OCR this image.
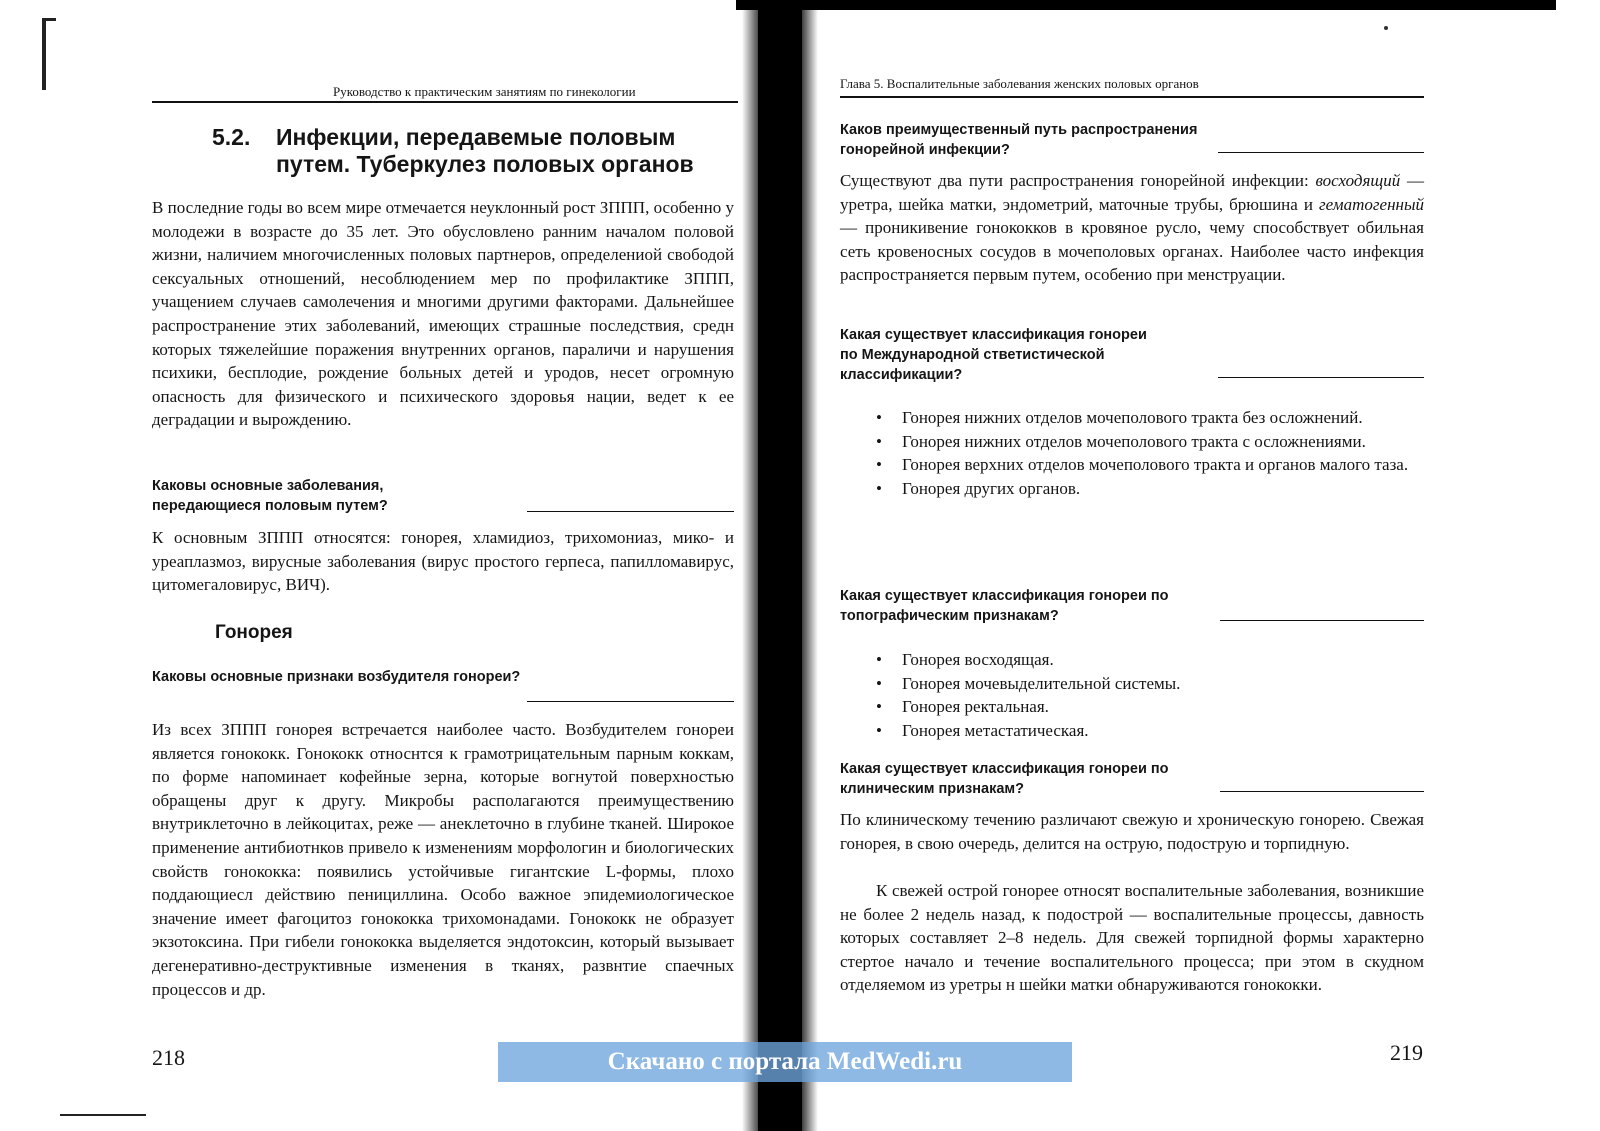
Руководство к практическим занятиям по гинекологии
5.2. Инфекции, передавемые половым путем. Туберкулез половых органов

В последние годы во всем мире отмечается неуклонный рост ЗППП, особенно у молодежи в возрасте до 35 лет. Это обусловлено ранним началом половой жизни, наличием многочисленных половых партнеров, определениой свободой сексуальных отношений, несоблюдением мер по профилактике ЗППП, учащением случаев самолечения и многими другими факторами. Дальнейшее распространение этих заболеваний, имеющих страшные последствия, средн которых тяжелейшие поражения внутренних органов, параличи и нарушения психики, бесплодие, рождение больных детей и уродов, несет огромную опасность для физического и психического здоровья нации, ведет к ее деградации и вырождению.

Каковы основные заболевания, передающиеся половым путем?

К основным ЗППП относятся: гонорея, хламидиоз, трихомониаз, мико- и уреаплазмоз, вирусные заболевания (вирус простого герпеса, папилломавирус, цитомегаловирус, ВИЧ).

Гонорея
Каковы основные признаки возбудителя гонореи?

Из всех ЗППП гонорея встречается наиболее часто. Возбудителем гонореи является гонококк. Гонококк относнтся к грамотрицательным парным коккам, по форме напоминает кофейные зерна, которые вогнутой поверхностью обращены друг к другу. Микробы располагаются преимуществению внутриклеточно в лейкоцитах, реже — анеклеточно в глубине тканей. Широкое применение антибиотнков привело к изменениям морфологин и биологических свойств гонококка: появились устойчивые гигантские L-формы, плохо поддающиесл действию пенициллина. Особо важное эпидемиологическое значение имеет фагоцитоз гонококка трихомонадами. Гонококк не образует экзотоксина. При гибели гонококка выделяется эндотоксин, который вызывает дегенеративно-деструктивные изменения в тканях, развнтие спаечных процессов и др.

218
Глава 5. Воспалительные заболевания женских половых органов
Каков преимущественный путь распространения гонорейной инфекции?

Существуют два пути распространения гонорейной инфекции: восходящий — уретра, шейка матки, эндометрий, маточные трубы, брюшина и гематогенный — проникивение гонококков в кровяное русло, чему способствует обильная сеть кровеносных сосудов в мочеполовых органах. Наиболее часто инфекция распространяется первым путем, особенио при менструации.

Какая существует классификация гонореи по Международной стветистической классификации?
• Гонорея нижних отделов мочеполового тракта без осложнений.
• Гонорея нижних отделов мочеполового тракта с осложнениями.
• Гонорея верхних отделов мочеполового тракта и органов малого таза.
• Гонорея других органов.
Какая существует классификация гонореи по топографическим признакам?
• Гонорея восходящая.
• Гонорея мочевыделительной системы.
• Гонорея ректальная.
• Гонорея метастатическая.
Какая существует классификация гонореи по клиническим признакам?

По клиническому течению различают свежую и хроническую гонорею. Свежая гонорея, в свою очередь, делится на острую, подострую и торпидную.

К свежей острой гонорее относят воспалительные заболевания, возникшие не более 2 недель назад, к подострой — воспалительные процессы, давность которых составляет 2–8 недель. Для свежей торпидной формы характерно стертое начало и течение воспалительного процесса; при этом в скудном отделяемом из уретры н шейки матки обнаруживаются гонококки.

219
Скачано с портала MedWedi.ru
